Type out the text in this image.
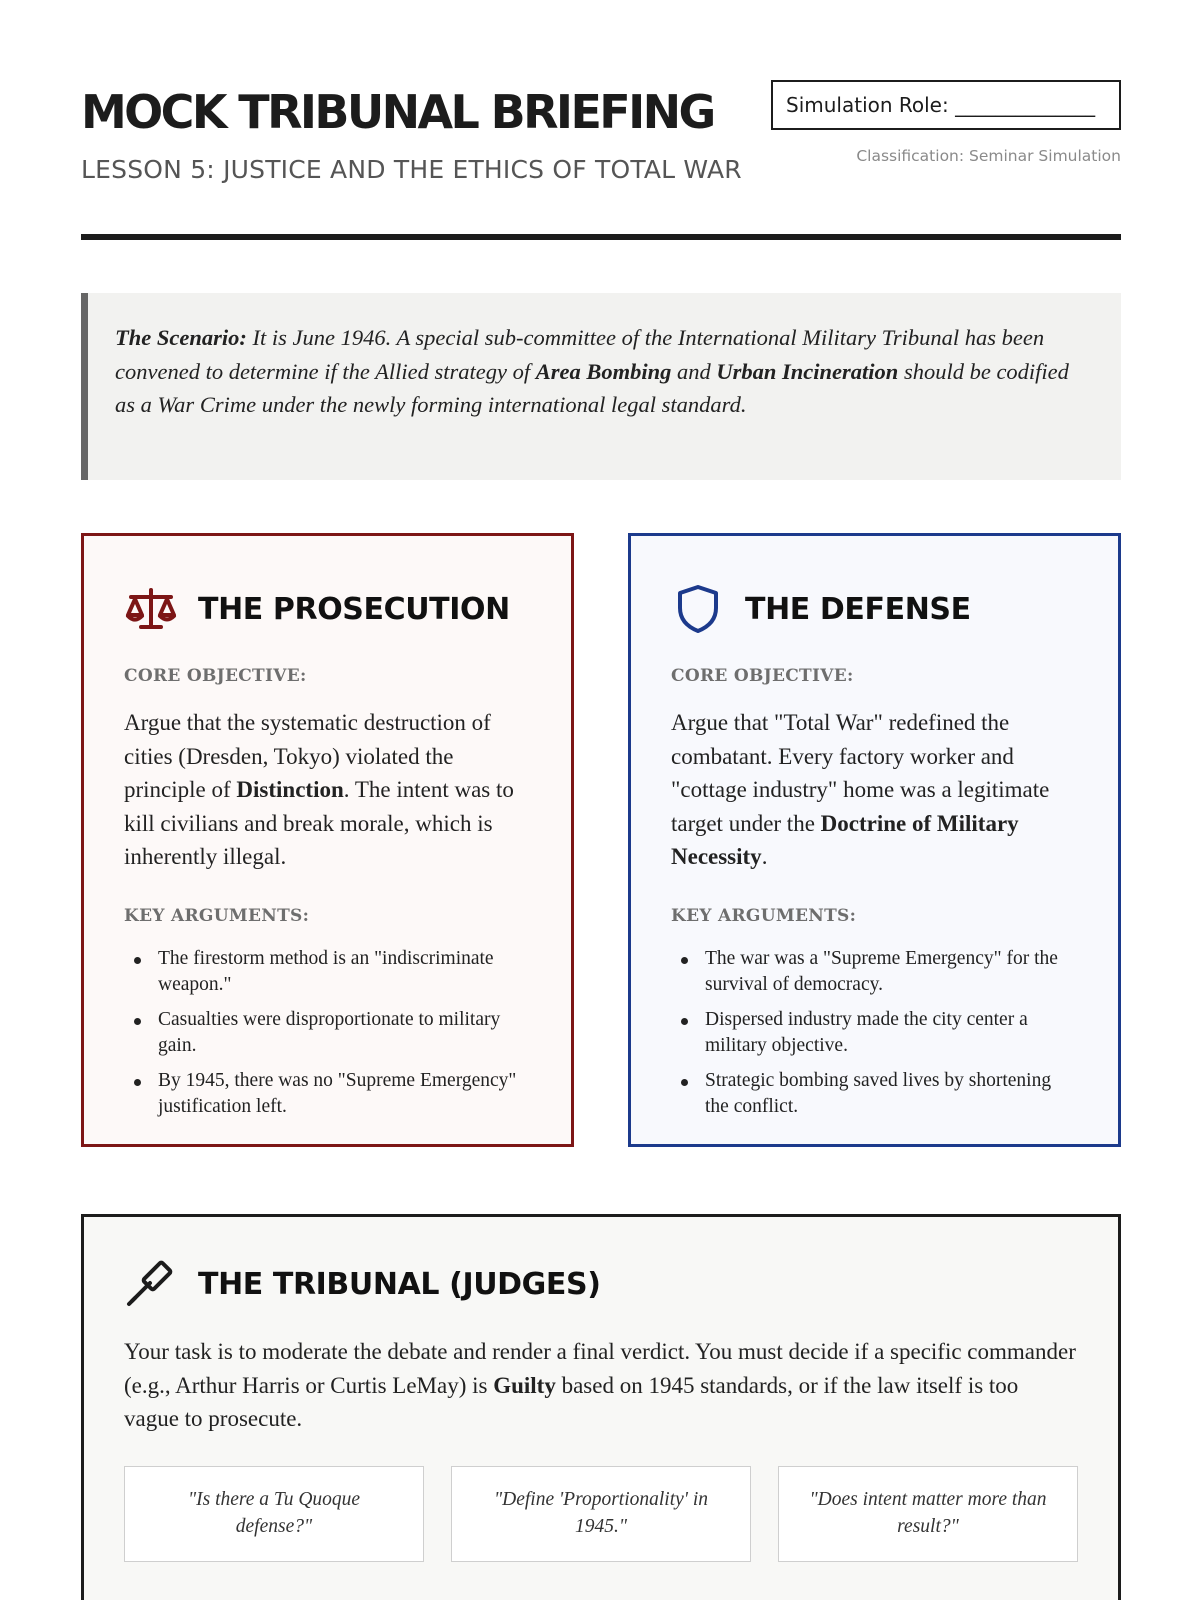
MOCK TRIBUNAL BRIEFING
LESSON 5: JUSTICE AND THE ETHICS OF TOTAL WAR
Simulation Role: ______________
Classification: Seminar Simulation
The Scenario: It is June 1946. A special sub-committee of the International Military Tribunal has been convened to determine if the Allied strategy of Area Bombing and Urban Incineration should be codified as a War Crime under the newly forming international legal standard.
THE PROSECUTION
CORE OBJECTIVE:

Argue that the systematic destruction of cities (Dresden, Tokyo) violated the principle of Distinction. The intent was to kill civilians and break morale, which is inherently illegal.

KEY ARGUMENTS:
The firestorm method is an "indiscriminate weapon."
Casualties were disproportionate to military gain.
By 1945, there was no "Supreme Emergency" justification left.
THE DEFENSE
CORE OBJECTIVE:

Argue that "Total War" redefined the combatant. Every factory worker and "cottage industry" home was a legitimate target under the Doctrine of Military Necessity.

KEY ARGUMENTS:
The war was a "Supreme Emergency" for the survival of democracy.
Dispersed industry made the city center a military objective.
Strategic bombing saved lives by shortening the conflict.
THE TRIBUNAL (JUDGES)

Your task is to moderate the debate and render a final verdict. You must decide if a specific commander (e.g., Arthur Harris or Curtis LeMay) is Guilty based on 1945 standards, or if the law itself is too vague to prosecute.

"Is there a Tu Quoque defense?"
"Define 'Proportionality' in 1945."
"Does intent matter more than result?"
